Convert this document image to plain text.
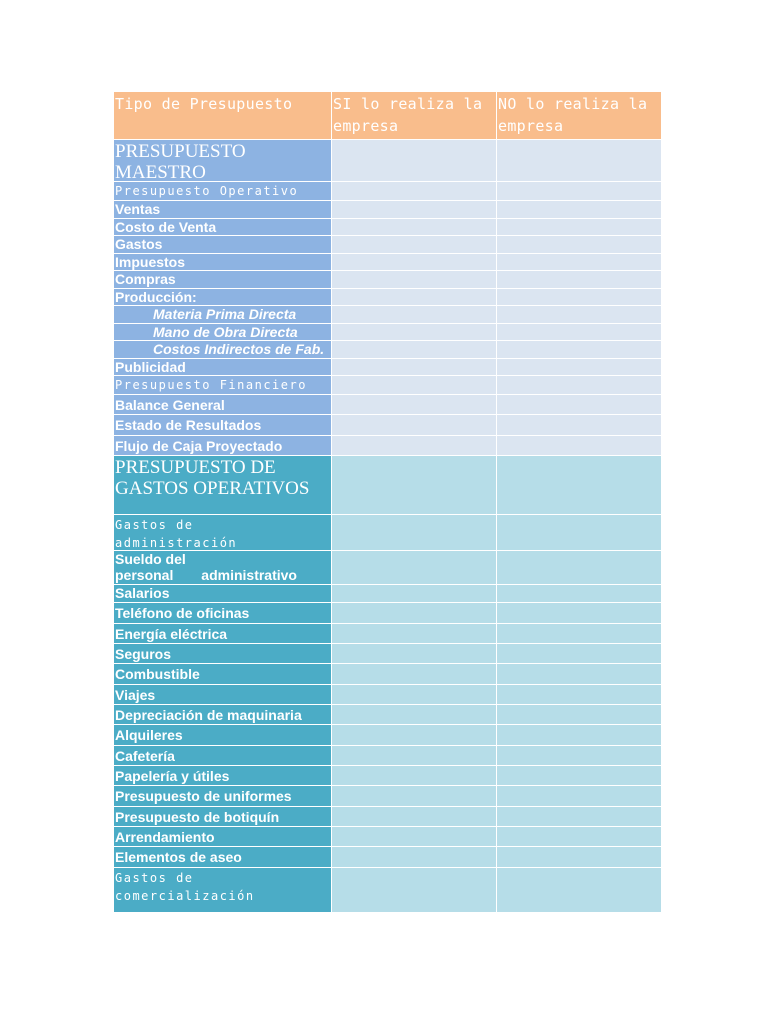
Tipo de Presupuesto	SI lo realiza la
empresa
NO lo realiza la
empresa
PRESUPUESTO
MAESTRO
Presupuesto Operativo
Ventas
Costo de Venta
Gastos
Impuestos
Compras
Producción:
Materia Prima Directa
Mano de Obra Directa
Costos Indirectos de Fab.
Publicidad
Presupuesto Financiero
Balance General
Estado de Resultados
Flujo de Caja Proyectado
PRESUPUESTO DE
GASTOS OPERATIVOS
Gastos de
administración
Sueldo del
personal administrativo
Salarios
Teléfono de oficinas
Energía eléctrica
Seguros
Combustible
Viajes
Depreciación de maquinaria
Alquileres
Cafetería
Papelería y útiles
Presupuesto de uniformes
Presupuesto de botiquín
Arrendamiento
Elementos de aseo
Gastos de
comercialización
